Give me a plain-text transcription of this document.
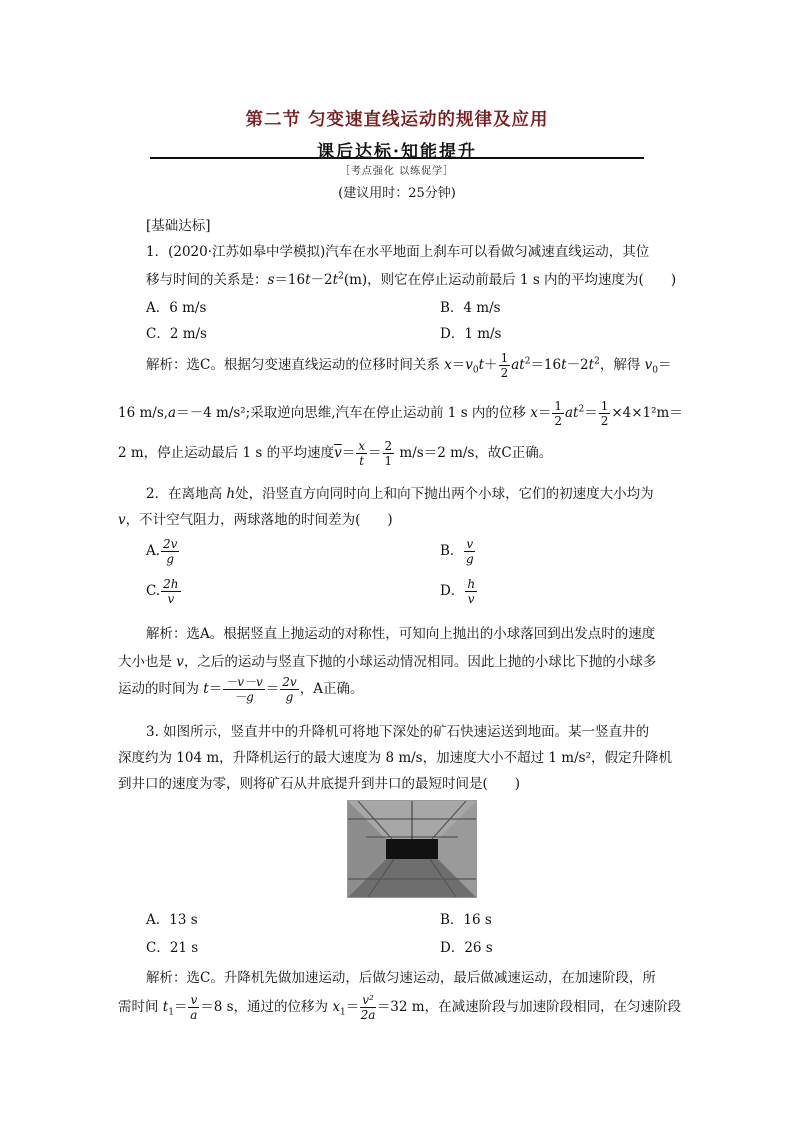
第二节 匀变速直线运动的规律及应用
课后达标·知能提升
［考点强化 以练促学］
(建议用时：25分钟)
[基础达标]
1．(2020·江苏如皋中学模拟)汽车在水平地面上刹车可以看做匀减速直线运动，其位
移与时间的关系是：$s=16t-2t^2(m)$，则它在停止运动前最后 1 s 内的平均速度为(　　)
A．6 m/s	B．4 m/s
C．2 m/s	D．1 m/s
解析：选C。根据匀变速直线运动的位移时间关系 $x=v_0t+ \frac{1}{2} at^2=16t-2t^2$，解得 $v_0=$
16 m/s,a＝－4 m/s²;采取逆向思维,汽车在停止运动前 1 s 内的位移 $x= \frac{1}{2} at^2= \frac{1}{2} \times 4\times 1^2m=$
2 m，停止运动最后 1 s 的平均速度$\overline{v}= \frac{x}{t} = \frac{2}{1} m/s=2$ m/s，故C正确。
2．在离地高 h处，沿竖直方向同时向上和向下抛出两个小球，它们的初速度大小均为
v，不计空气阻力，两球落地的时间差为(　　)
A. $\frac{2v}{g}$	B． $\frac{v}{g}$
C. $\frac{2h}{v}$	D． $\frac{h}{v}$
解析：选A。根据竖直上抛运动的对称性，可知向上抛出的小球落回到出发点时的速度
大小也是 v，之后的运动与竖直下抛的小球运动情况相同。因此上抛的小球比下抛的小球多
运动的时间为 $t= \frac{-v-v}{-g} = \frac{2v}{g}$ ，A正确。
3. 如图所示，竖直井中的升降机可将地下深处的矿石快速运送到地面。某一竖直井的
深度约为 104 m，升降机运行的最大速度为 8 m/s，加速度大小不超过 1 m/s²，假定升降机
到井口的速度为零，则将矿石从井底提升到井口的最短时间是(　　)
A．13 s	B．16 s
C．21 s	D．26 s
解析：选C。升降机先做加速运动，后做匀速运动，最后做减速运动，在加速阶段，所
需时间 $t_1= \frac{v}{a} =8$ s，通过的位移为 $x_1= \frac{\text{v²}}{2a} =32$ m，在减速阶段与加速阶段相同，在匀速阶段
